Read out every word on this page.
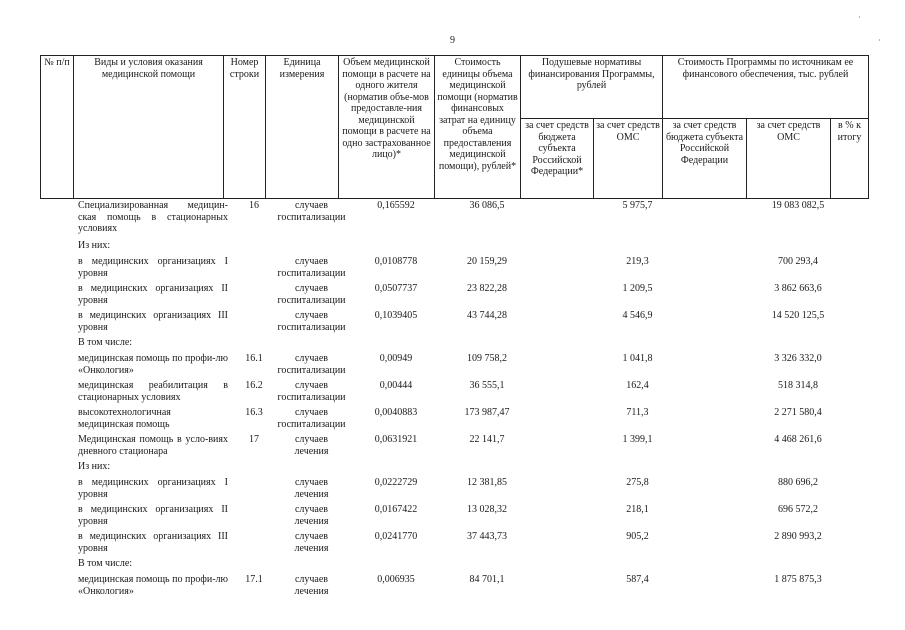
9
№ п/п	Виды и условия оказания медицинской помощи	Номер строки	Единица измерения	Объем медицинской помощи в расчете на одного жителя (норматив объе-мов предоставле-ния медицинской помощи в расчете на одно застрахованное лицо)*	Стоимость единицы объема медицинской помощи (норматив финансовых затрат на единицу объема предоставления медицинской помощи), рублей*	Подушевые нормативы финансирования Программы, рублей		Стоимость Программы по источникам ее финансового обеспечения, тыс. рублей		
						за счет средств бюджета субъекта Российской Федерации*	за счет средств ОМС	за счет средств бюджета субъекта Российской Федерации	за счет средств ОМС	в % к итогу
	Специализированная медицин-ская помощь в стационарных условиях	16	случаев госпитализации	0,165592	36 086,5		5 975,7		19 083 082,5	
	Из них:									
	в медицинских организациях I уровня		случаев госпитализации	0,0108778	20 159,29		219,3		700 293,4	
	в медицинских организациях II уровня		случаев госпитализации	0,0507737	23 822,28		1 209,5		3 862 663,6	
	в медицинских организациях III уровня		случаев госпитализации	0,1039405	43 744,28		4 546,9		14 520 125,5	
	В том числе:									
	медицинская помощь по профи-лю «Онкология»	16.1	случаев госпитализации	0,00949	109 758,2		1 041,8		3 326 332,0	
	медицинская реабилитация в стационарных условиях	16.2	случаев госпитализации	0,00444	36 555,1		162,4		518 314,8	
	высокотехнологичная медицинская помощь	16.3	случаев госпитализации	0,0040883	173 987,47		711,3		2 271 580,4	
	Медицинская помощь в усло-виях дневного стационара	17	случаев лечения	0,0631921	22 141,7		1 399,1		4 468 261,6	
	Из них:									
	в медицинских организациях I уровня		случаев лечения	0,0222729	12 381,85		275,8		880 696,2	
	в медицинских организациях II уровня		случаев лечения	0,0167422	13 028,32		218,1		696 572,2	
	в медицинских организациях III уровня		случаев лечения	0,0241770	37 443,73		905,2		2 890 993,2	
	В том числе:									
	медицинская помощь по профи-лю «Онкология»	17.1	случаев лечения	0,006935	84 701,1		587,4		1 875 875,3	
·
·
